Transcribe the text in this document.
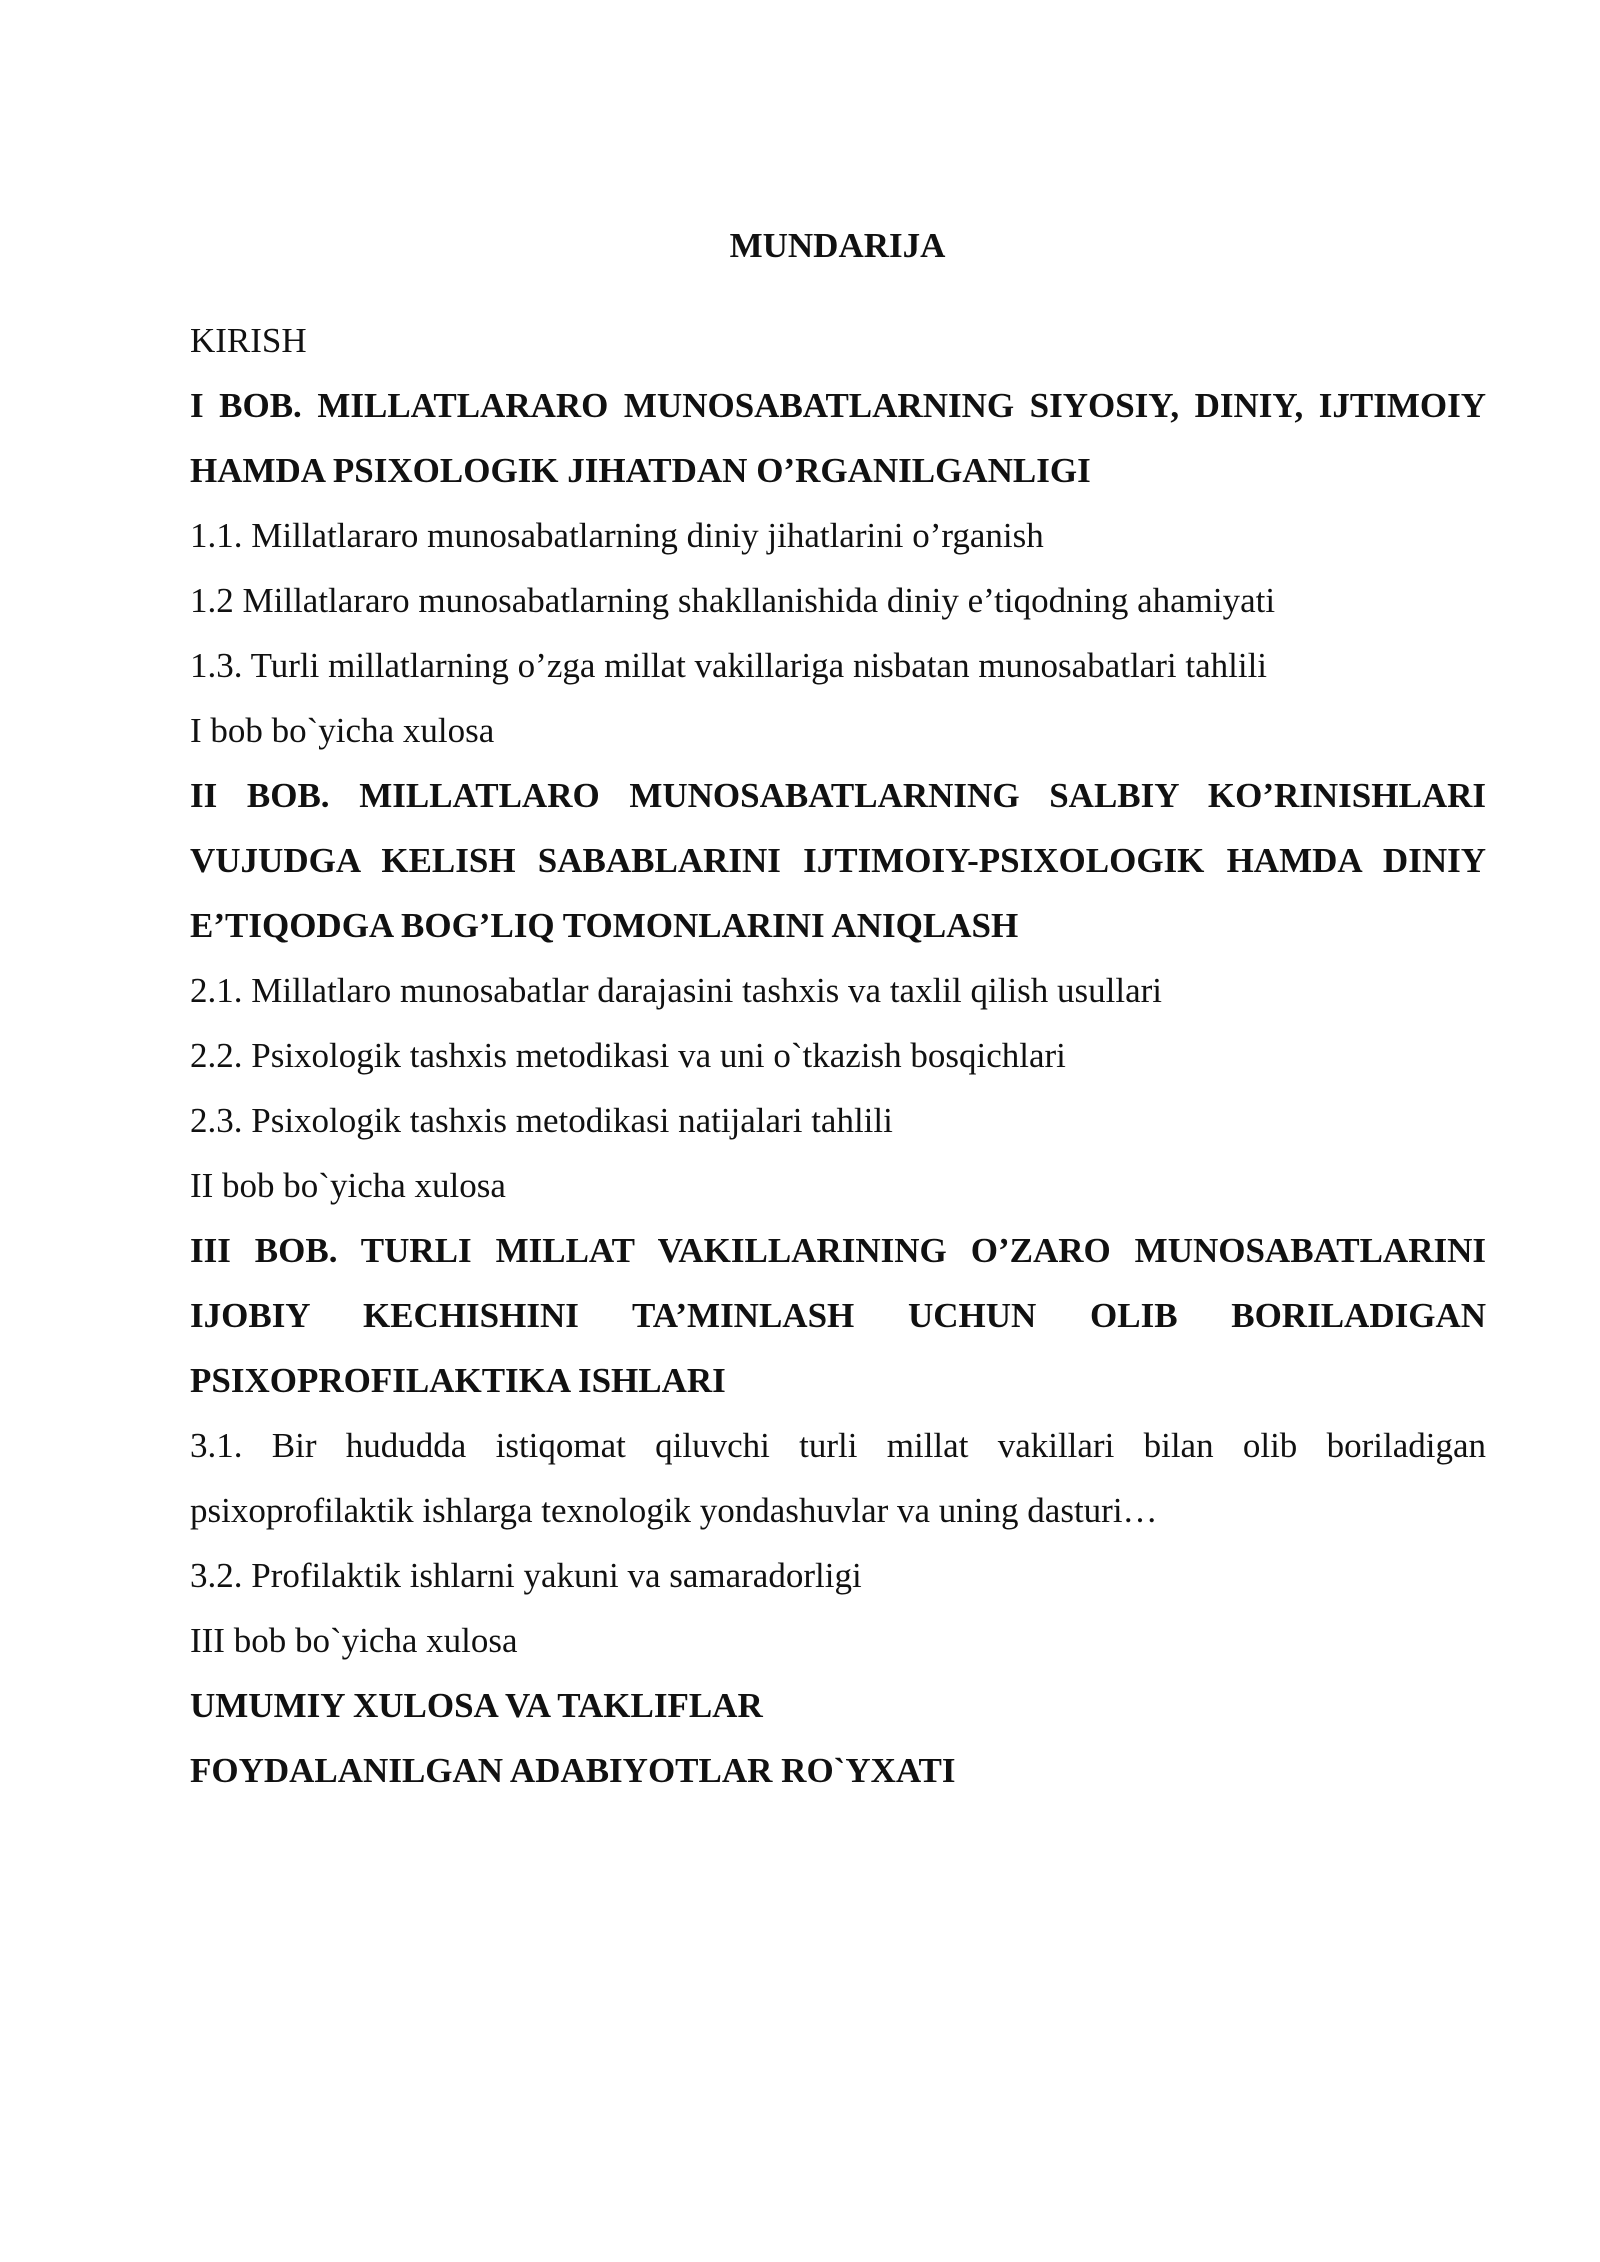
MUNDARIJA

KIRISH

I BOB. MILLATLARARO MUNOSABATLARNING SIYOSIY, DINIY, IJTIMOIY HAMDA PSIXOLOGIK JIHATDAN O’RGANILGANLIGI

1.1. Millatlararo munosabatlarning diniy jihatlarini o’rganish

1.2 Millatlararo munosabatlarning shakllanishida diniy e’tiqodning ahamiyati

1.3. Turli millatlarning o’zga millat vakillariga nisbatan munosabatlari tahlili

I bob bo`yicha xulosa

II BOB. MILLATLARO MUNOSABATLARNING SALBIY KO’RINISHLARI VUJUDGA KELISH SABABLARINI IJTIMOIY-PSIXOLOGIK HAMDA DINIY E’TIQODGA BOG’LIQ TOMONLARINI ANIQLASH

2.1. Millatlaro munosabatlar darajasini tashxis va taxlil qilish usullari

2.2. Psixologik tashxis metodikasi va uni o`tkazish bosqichlari

2.3. Psixologik tashxis metodikasi natijalari tahlili

II bob bo`yicha xulosa

III BOB. TURLI MILLAT VAKILLARINING O’ZARO MUNOSABATLARINI IJOBIY KECHISHINI TA’MINLASH UCHUN OLIB BORILADIGAN PSIXOPROFILAKTIKA ISHLARI

3.1. Bir hududda istiqomat qiluvchi turli millat vakillari bilan olib boriladigan psixoprofilaktik ishlarga texnologik yondashuvlar va uning dasturi…

3.2. Profilaktik ishlarni yakuni va samaradorligi

III bob bo`yicha xulosa

UMUMIY XULOSA VA TAKLIFLAR

FOYDALANILGAN ADABIYOTLAR RO`YXATI
